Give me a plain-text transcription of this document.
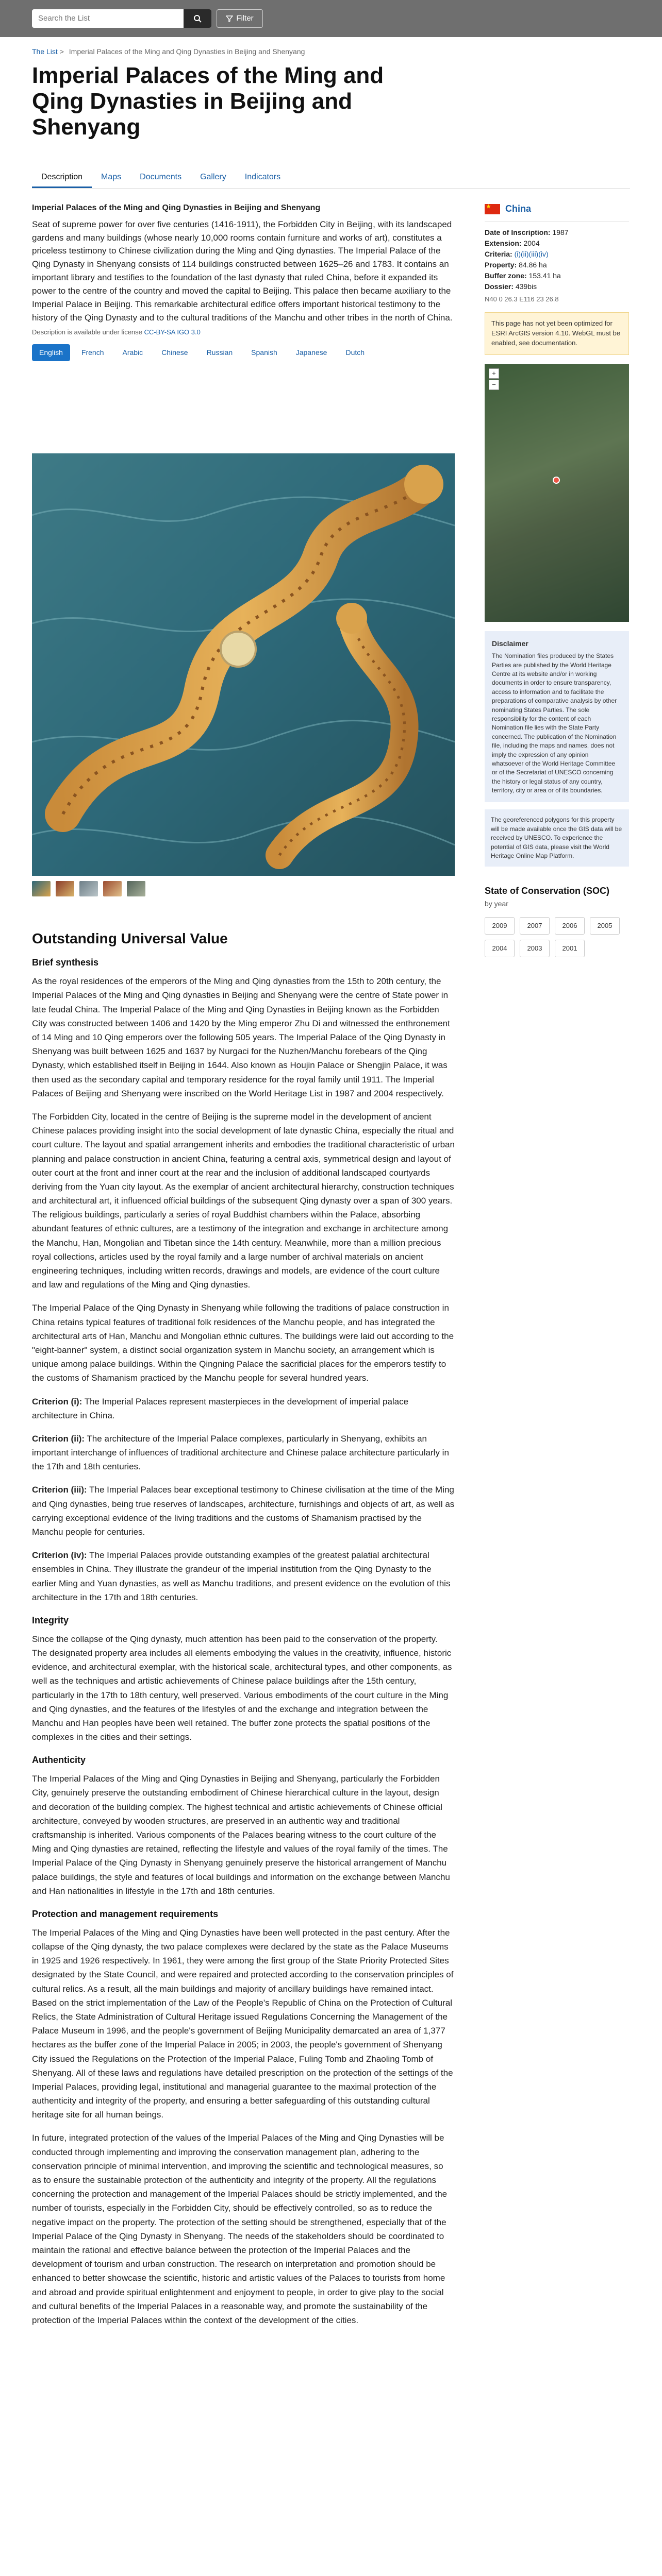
Search the List	Filter
The List > Imperial Palaces of the Ming and Qing Dynasties in Beijing and Shenyang
Imperial Palaces of the Ming and Qing Dynasties in Beijing and Shenyang
Description	Maps	Documents	Gallery	Indicators
Imperial Palaces of the Ming and Qing Dynasties in Beijing and Shenyang

Seat of supreme power for over five centuries (1416-1911), the Forbidden City in Beijing, with its landscaped gardens and many buildings (whose nearly 10,000 rooms contain furniture and works of art), constitutes a priceless testimony to Chinese civilization during the Ming and Qing dynasties. The Imperial Palace of the Qing Dynasty in Shenyang consists of 114 buildings constructed between 1625–26 and 1783. It contains an important library and testifies to the foundation of the last dynasty that ruled China, before it expanded its power to the centre of the country and moved the capital to Beijing. This palace then became auxiliary to the Imperial Palace in Beijing. This remarkable architectural edifice offers important historical testimony to the history of the Qing Dynasty and to the cultural traditions of the Manchu and other tribes in the north of China.

Description is available under license CC-BY-SA IGO 3.0
English	French	Arabic	Chinese	Russian	Spanish	Japanese	Dutch
Outstanding Universal Value
Brief synthesis

As the royal residences of the emperors of the Ming and Qing dynasties from the 15th to 20th century, the Imperial Palaces of the Ming and Qing dynasties in Beijing and Shenyang were the centre of State power in late feudal China. The Imperial Palace of the Ming and Qing Dynasties in Beijing known as the Forbidden City was constructed between 1406 and 1420 by the Ming emperor Zhu Di and witnessed the enthronement of 14 Ming and 10 Qing emperors over the following 505 years. The Imperial Palace of the Qing Dynasty in Shenyang was built between 1625 and 1637 by Nurgaci for the Nuzhen/Manchu forebears of the Qing Dynasty, which established itself in Beijing in 1644. Also known as Houjin Palace or Shengjin Palace, it was then used as the secondary capital and temporary residence for the royal family until 1911. The Imperial Palaces of Beijing and Shenyang were inscribed on the World Heritage List in 1987 and 2004 respectively.

The Forbidden City, located in the centre of Beijing is the supreme model in the development of ancient Chinese palaces providing insight into the social development of late dynastic China, especially the ritual and court culture. The layout and spatial arrangement inherits and embodies the traditional characteristic of urban planning and palace construction in ancient China, featuring a central axis, symmetrical design and layout of outer court at the front and inner court at the rear and the inclusion of additional landscaped courtyards deriving from the Yuan city layout. As the exemplar of ancient architectural hierarchy, construction techniques and architectural art, it influenced official buildings of the subsequent Qing dynasty over a span of 300 years. The religious buildings, particularly a series of royal Buddhist chambers within the Palace, absorbing abundant features of ethnic cultures, are a testimony of the integration and exchange in architecture among the Manchu, Han, Mongolian and Tibetan since the 14th century. Meanwhile, more than a million precious royal collections, articles used by the royal family and a large number of archival materials on ancient engineering techniques, including written records, drawings and models, are evidence of the court culture and law and regulations of the Ming and Qing dynasties.

The Imperial Palace of the Qing Dynasty in Shenyang while following the traditions of palace construction in China retains typical features of traditional folk residences of the Manchu people, and has integrated the architectural arts of Han, Manchu and Mongolian ethnic cultures. The buildings were laid out according to the "eight-banner" system, a distinct social organization system in Manchu society, an arrangement which is unique among palace buildings. Within the Qingning Palace the sacrificial places for the emperors testify to the customs of Shamanism practiced by the Manchu people for several hundred years.

Criterion (i): The Imperial Palaces represent masterpieces in the development of imperial palace architecture in China.

Criterion (ii): The architecture of the Imperial Palace complexes, particularly in Shenyang, exhibits an important interchange of influences of traditional architecture and Chinese palace architecture particularly in the 17th and 18th centuries.

Criterion (iii): The Imperial Palaces bear exceptional testimony to Chinese civilisation at the time of the Ming and Qing dynasties, being true reserves of landscapes, architecture, furnishings and objects of art, as well as carrying exceptional evidence of the living traditions and the customs of Shamanism practised by the Manchu people for centuries.

Criterion (iv): The Imperial Palaces provide outstanding examples of the greatest palatial architectural ensembles in China. They illustrate the grandeur of the imperial institution from the Qing Dynasty to the earlier Ming and Yuan dynasties, as well as Manchu traditions, and present evidence on the evolution of this architecture in the 17th and 18th centuries.

Integrity

Since the collapse of the Qing dynasty, much attention has been paid to the conservation of the property. The designated property area includes all elements embodying the values in the creativity, influence, historic evidence, and architectural exemplar, with the historical scale, architectural types, and other components, as well as the techniques and artistic achievements of Chinese palace buildings after the 15th century, particularly in the 17th to 18th century, well preserved. Various embodiments of the court culture in the Ming and Qing dynasties, and the features of the lifestyles of and the exchange and integration between the Manchu and Han peoples have been well retained. The buffer zone protects the spatial positions of the complexes in the cities and their settings.

Authenticity

The Imperial Palaces of the Ming and Qing Dynasties in Beijing and Shenyang, particularly the Forbidden City, genuinely preserve the outstanding embodiment of Chinese hierarchical culture in the layout, design and decoration of the building complex. The highest technical and artistic achievements of Chinese official architecture, conveyed by wooden structures, are preserved in an authentic way and traditional craftsmanship is inherited. Various components of the Palaces bearing witness to the court culture of the Ming and Qing dynasties are retained, reflecting the lifestyle and values of the royal family of the times. The Imperial Palace of the Qing Dynasty in Shenyang genuinely preserve the historical arrangement of Manchu palace buildings, the style and features of local buildings and information on the exchange between Manchu and Han nationalities in lifestyle in the 17th and 18th centuries.

Protection and management requirements

The Imperial Palaces of the Ming and Qing Dynasties have been well protected in the past century. After the collapse of the Qing dynasty, the two palace complexes were declared by the state as the Palace Museums in 1925 and 1926 respectively. In 1961, they were among the first group of the State Priority Protected Sites designated by the State Council, and were repaired and protected according to the conservation principles of cultural relics. As a result, all the main buildings and majority of ancillary buildings have remained intact. Based on the strict implementation of the Law of the People's Republic of China on the Protection of Cultural Relics, the State Administration of Cultural Heritage issued Regulations Concerning the Management of the Palace Museum in 1996, and the people's government of Beijing Municipality demarcated an area of 1,377 hectares as the buffer zone of the Imperial Palace in 2005; in 2003, the people's government of Shenyang City issued the Regulations on the Protection of the Imperial Palace, Fuling Tomb and Zhaoling Tomb of Shenyang. All of these laws and regulations have detailed prescription on the protection of the settings of the Imperial Palaces, providing legal, institutional and managerial guarantee to the maximal protection of the authenticity and integrity of the property, and ensuring a better safeguarding of this outstanding cultural heritage site for all human beings.

In future, integrated protection of the values of the Imperial Palaces of the Ming and Qing Dynasties will be conducted through implementing and improving the conservation management plan, adhering to the conservation principle of minimal intervention, and improving the scientific and technological measures, so as to ensure the sustainable protection of the authenticity and integrity of the property. All the regulations concerning the protection and management of the Imperial Palaces should be strictly implemented, and the number of tourists, especially in the Forbidden City, should be effectively controlled, so as to reduce the negative impact on the property. The protection of the setting should be strengthened, especially that of the Imperial Palace of the Qing Dynasty in Shenyang. The needs of the stakeholders should be coordinated to maintain the rational and effective balance between the protection of the Imperial Palaces and the development of tourism and urban construction. The research on interpretation and promotion should be enhanced to better showcase the scientific, historic and artistic values of the Palaces to tourists from home and abroad and provide spiritual enlightenment and enjoyment to people, in order to give play to the social and cultural benefits of the Imperial Palaces in a reasonable way, and promote the sustainability of the protection of the Imperial Palaces within the context of the development of the cities.

★
China
Date of Inscription: 1987
Extension: 2004
Criteria: (i)(ii)(iii)(iv)
Property: 84.86 ha
Buffer zone: 153.41 ha
Dossier: 439bis
N40 0 26.3 E116 23 26.8
This page has not yet been optimized for ESRI ArcGIS version 4.10. WebGL must be enabled, see documentation.
+
−
Disclaimer
The Nomination files produced by the States Parties are published by the World Heritage Centre at its website and/or in working documents in order to ensure transparency, access to information and to facilitate the preparations of comparative analysis by other nominating States Parties. The sole responsibility for the content of each Nomination file lies with the State Party concerned. The publication of the Nomination file, including the maps and names, does not imply the expression of any opinion whatsoever of the World Heritage Committee or of the Secretariat of UNESCO concerning the history or legal status of any country, territory, city or area or of its boundaries.
The georeferenced polygons for this property will be made available once the GIS data will be received by UNESCO. To experience the potential of GIS data, please visit the World Heritage Online Map Platform.
State of Conservation (SOC)
by year
2009	2007	2006	2005
2004	2003	2001
